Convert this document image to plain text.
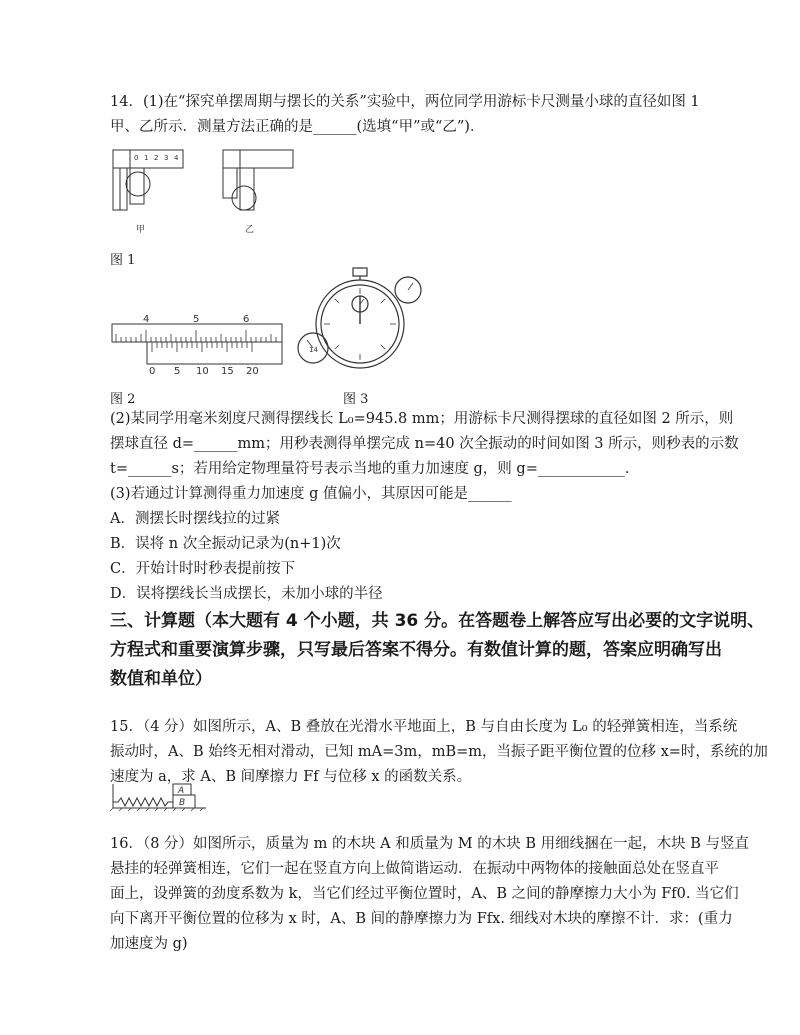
14．(1)在“探究单摆周期与摆长的关系”实验中，两位同学用游标卡尺测量小球的直径如图 1
甲、乙所示．测量方法正确的是______(选填“甲”或“乙”)．
0 1 2 3 4
甲	乙
图 1
4	5	6
0 5 10 15 20
14
图 2	图 3
(2)某同学用毫米刻度尺测得摆线长 L₀=945.8 mm；用游标卡尺测得摆球的直径如图 2 所示，则
摆球直径 d=______mm；用秒表测得单摆完成 n=40 次全振动的时间如图 3 所示，则秒表的示数
t=______s；若用给定物理量符号表示当地的重力加速度 g，则 g=____________．
(3)若通过计算测得重力加速度 g 值偏小，其原因可能是______
A．测摆长时摆线拉的过紧
B．误将 n 次全振动记录为(n+1)次
C．开始计时时秒表提前按下
D．误将摆线长当成摆长，未加小球的半径
三、计算题（本大题有 4 个小题，共 36 分。在答题卷上解答应写出必要的文字说明、
方程式和重要演算步骤，只写最后答案不得分。有数值计算的题，答案应明确写出
数值和单位）
15．（4 分）如图所示，A、B 叠放在光滑水平地面上，B 与自由长度为 L₀ 的轻弹簧相连，当系统
振动时，A、B 始终无相对滑动，已知 mA=3m，mB=m，当振子距平衡位置的位移 x=时，系统的加
速度为 a，求 A、B 间摩擦力 Ff 与位移 x 的函数关系。
A
B
16．（8 分）如图所示，质量为 m 的木块 A 和质量为 M 的木块 B 用细线捆在一起，木块 B 与竖直
悬挂的轻弹簧相连，它们一起在竖直方向上做简谐运动．在振动中两物体的接触面总处在竖直平
面上，设弹簧的劲度系数为 k，当它们经过平衡位置时，A、B 之间的静摩擦力大小为 Ff0. 当它们
向下离开平衡位置的位移为 x 时，A、B 间的静摩擦力为 Ffx. 细线对木块的摩擦不计．求：(重力
加速度为 g)
